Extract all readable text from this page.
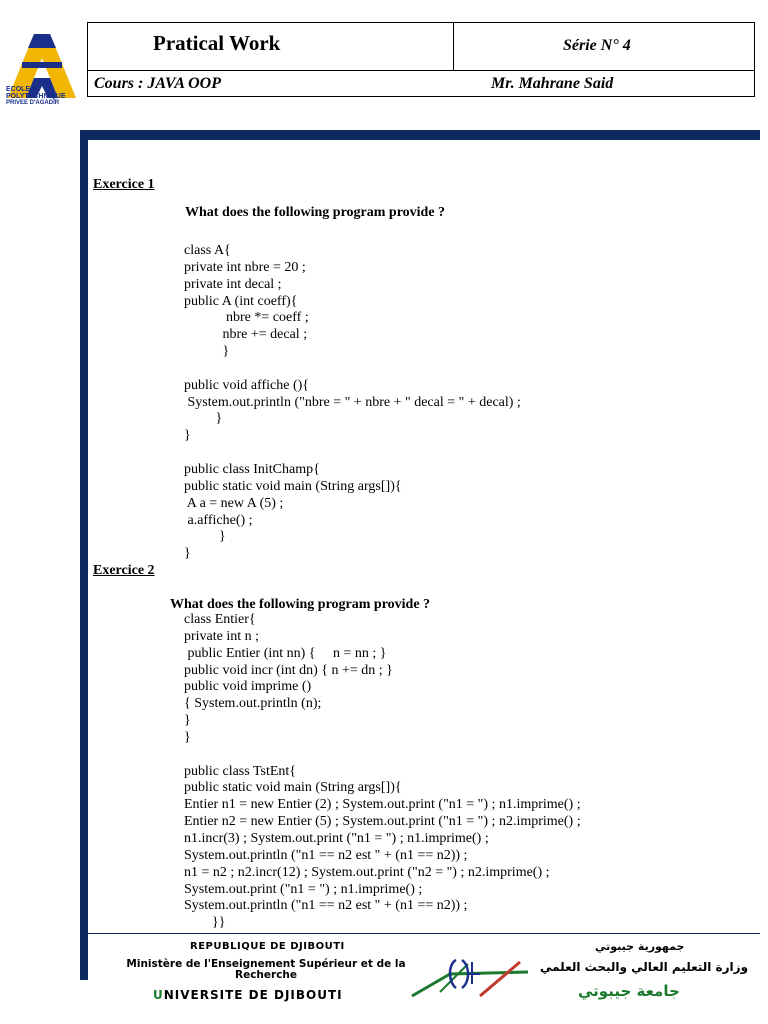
ECOLE
POLYTECHNIQUE
PRIVEE D'AGADIR
Pratical Work	Série N° 4
Cours : JAVA OOP	Mr. Mahrane Said
Exercice 1
What does the following program provide ?
class A{
private int nbre = 20 ;
private int decal ;
public A (int coeff){
nbre *= coeff ;
nbre += decal ;
}

public void affiche (){
System.out.println ("nbre = " + nbre + " decal = " + decal) ;
}
}

public class InitChamp{
public static void main (String args[]){
A a = new A (5) ;
a.affiche() ;
}
}
Exercice 2
What does the following program provide ?
class Entier{
private int n ;
public Entier (int nn) {     n = nn ; }
public void incr (int dn) { n += dn ; }
public void imprime ()
{ System.out.println (n);
}
}

public class TstEnt{
public static void main (String args[]){
Entier n1 = new Entier (2) ; System.out.print ("n1 = ") ; n1.imprime() ;
Entier n2 = new Entier (5) ; System.out.print ("n1 = ") ; n2.imprime() ;
n1.incr(3) ; System.out.print ("n1 = ") ; n1.imprime() ;
System.out.println ("n1 == n2 est " + (n1 == n2)) ;
n1 = n2 ; n2.incr(12) ; System.out.print ("n2 = ") ; n2.imprime() ;
System.out.print ("n1 = ") ; n1.imprime() ;
System.out.println ("n1 == n2 est " + (n1 == n2)) ;
}}
REPUBLIQUE DE DJIBOUTI
Ministère de l'Enseignement Supérieur et de la Recherche
UNIVERSITE DE DJIBOUTI
جمهورية جيبوتي
وزارة التعليم العالي والبحث العلمي
جامعة جيبوتي
